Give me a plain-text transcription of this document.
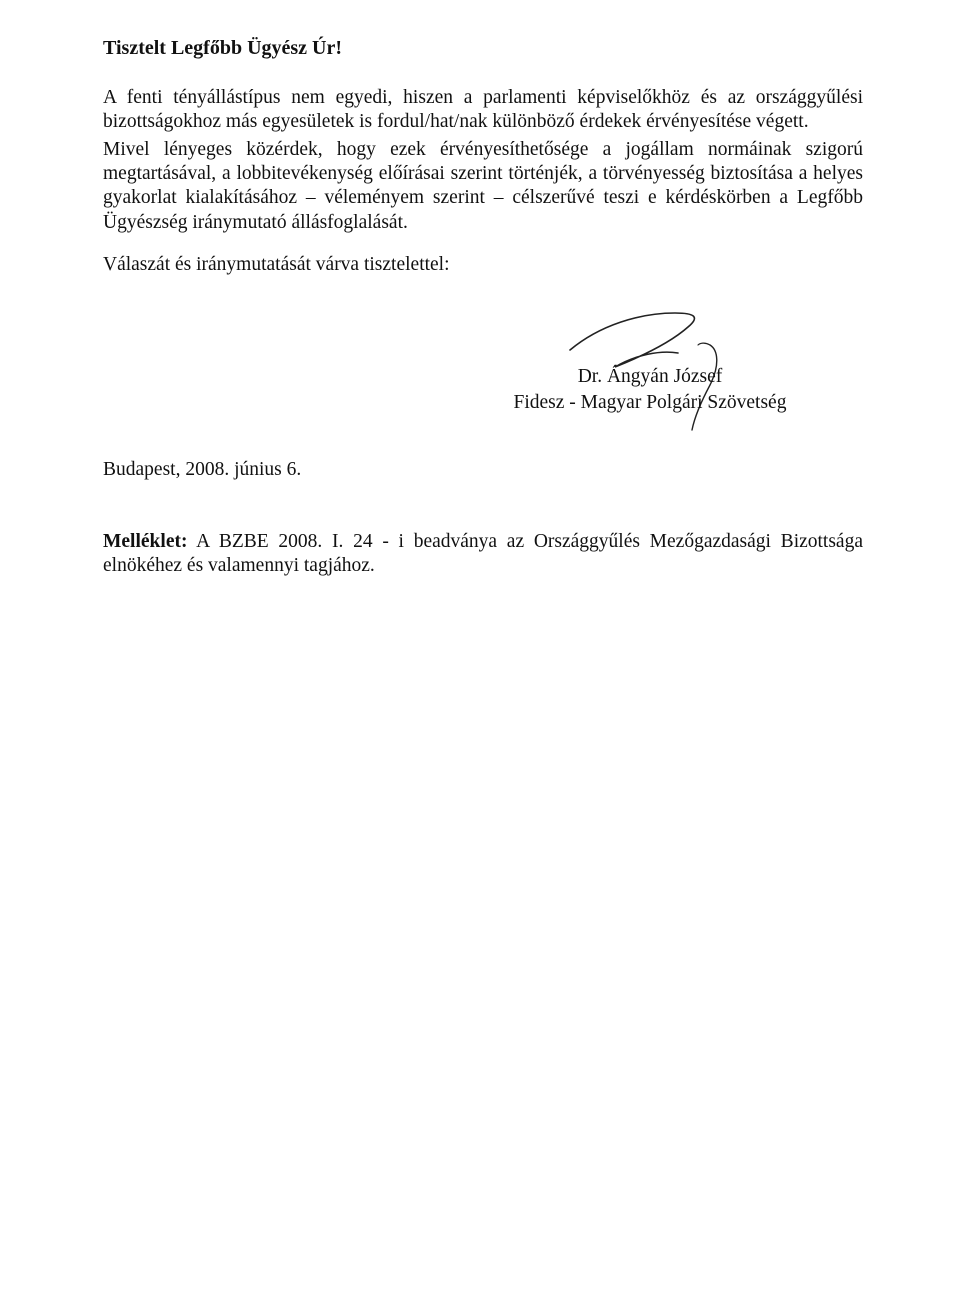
Tisztelt Legfőbb Ügyész Úr!
A fenti tényállástípus nem egyedi, hiszen a parlamenti képviselőkhöz és az országgyűlési bizottságokhoz más egyesületek is fordul/hat/nak különböző érdekek érvényesítése végett.
Mivel lényeges közérdek, hogy ezek érvényesíthetősége a jogállam normáinak szigorú megtartásával, a lobbitevékenység előírásai szerint történjék, a törvényesség biztosítása a helyes gyakorlat kialakításához – véleményem szerint – célszerűvé teszi e kérdéskörben a Legfőbb Ügyészség iránymutató állásfoglalását.
Válaszát és iránymutatását várva tisztelettel:
Dr. Ángyán József
Fidesz - Magyar Polgári Szövetség
Budapest, 2008. június 6.
Melléklet: A BZBE 2008. I. 24 - i beadványa az Országgyűlés Mezőgazdasági Bizottsága elnökéhez és valamennyi tagjához.
